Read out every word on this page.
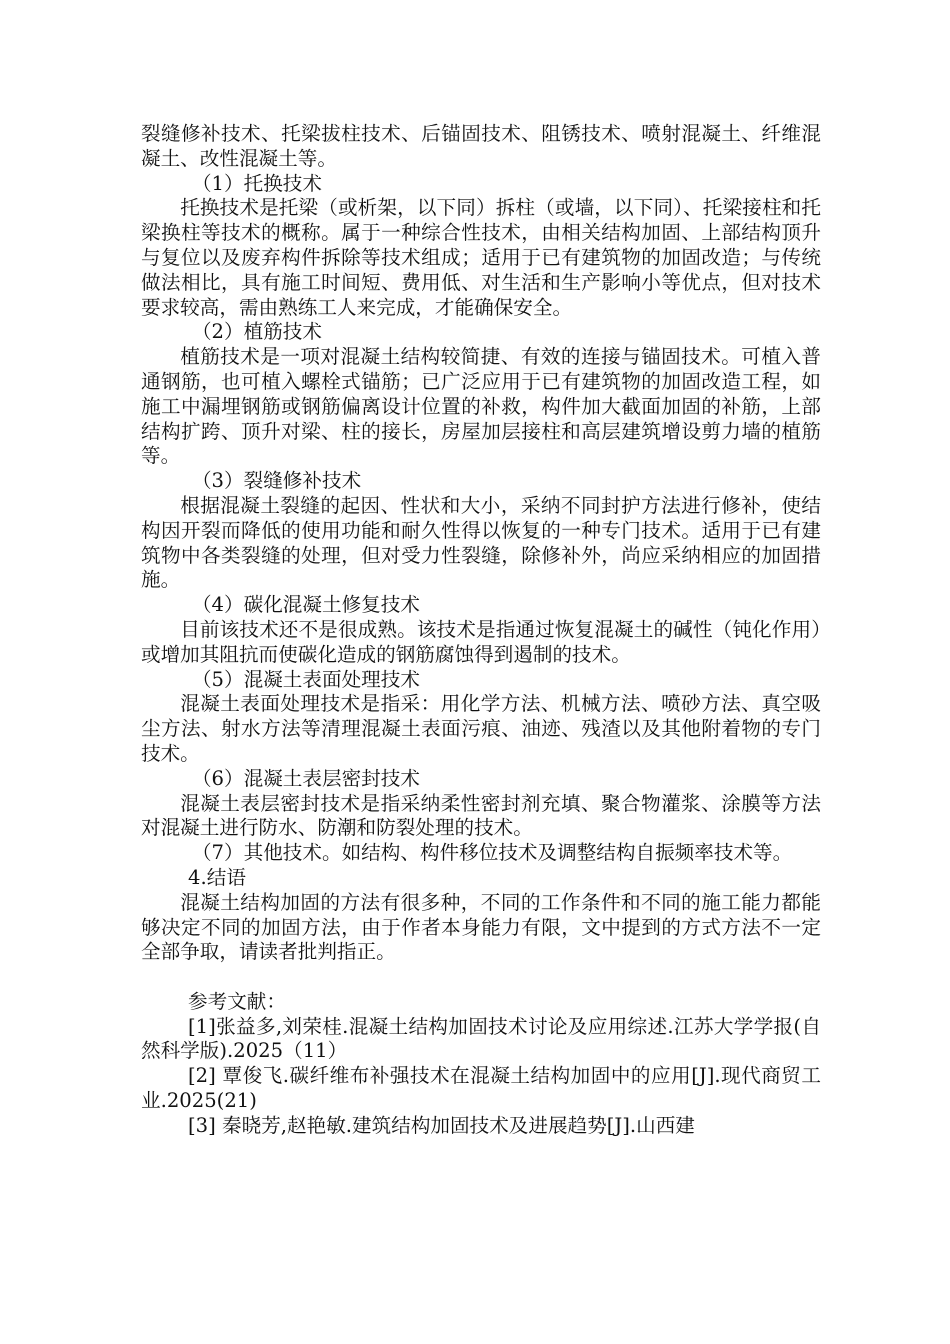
裂缝修补技术、托梁拔柱技术、后锚固技术、阻锈技术、喷射混凝土、纤维混凝土、改性混凝土等。

（1）托换技术

托换技术是托梁（或析架，以下同）拆柱（或墙，以下同）、托梁接柱和托梁换柱等技术的概称。属于一种综合性技术，由相关结构加固、上部结构顶升与复位以及废弃构件拆除等技术组成；适用于已有建筑物的加固改造；与传统做法相比，具有施工时间短、费用低、对生活和生产影响小等优点，但对技术要求较高，需由熟练工人来完成，才能确保安全。

（2）植筋技术

植筋技术是一项对混凝土结构较简捷、有效的连接与锚固技术。可植入普通钢筋，也可植入螺栓式锚筋；已广泛应用于已有建筑物的加固改造工程，如施工中漏埋钢筋或钢筋偏离设计位置的补救，构件加大截面加固的补筋，上部结构扩跨、顶升对梁、柱的接长，房屋加层接柱和高层建筑增设剪力墙的植筋等。

（3）裂缝修补技术

根据混凝土裂缝的起因、性状和大小，采纳不同封护方法进行修补，使结构因开裂而降低的使用功能和耐久性得以恢复的一种专门技术。适用于已有建筑物中各类裂缝的处理，但对受力性裂缝，除修补外，尚应采纳相应的加固措施。

（4）碳化混凝土修复技术

目前该技术还不是很成熟。该技术是指通过恢复混凝土的碱性（钝化作用）或增加其阻抗而使碳化造成的钢筋腐蚀得到遏制的技术。

（5）混凝土表面处理技术

混凝土表面处理技术是指采：用化学方法、机械方法、喷砂方法、真空吸尘方法、射水方法等清理混凝土表面污痕、油迹、残渣以及其他附着物的专门技术。

（6）混凝土表层密封技术

混凝土表层密封技术是指采纳柔性密封剂充填、聚合物灌浆、涂膜等方法对混凝土进行防水、防潮和防裂处理的技术。

（7）其他技术。如结构、构件移位技术及调整结构自振频率技术等。

4.结语

混凝土结构加固的方法有很多种，不同的工作条件和不同的施工能力都能够决定不同的加固方法，由于作者本身能力有限，文中提到的方式方法不一定全部争取，请读者批判指正。

参考文献：

[1]张益多,刘荣桂.混凝土结构加固技术讨论及应用综述.江苏大学学报(自然科学版).2025（11）

[2] 覃俊飞.碳纤维布补强技术在混凝土结构加固中的应用[J].现代商贸工业.2025(21)

[3] 秦晓芳,赵艳敏.建筑结构加固技术及进展趋势[J].山西建
